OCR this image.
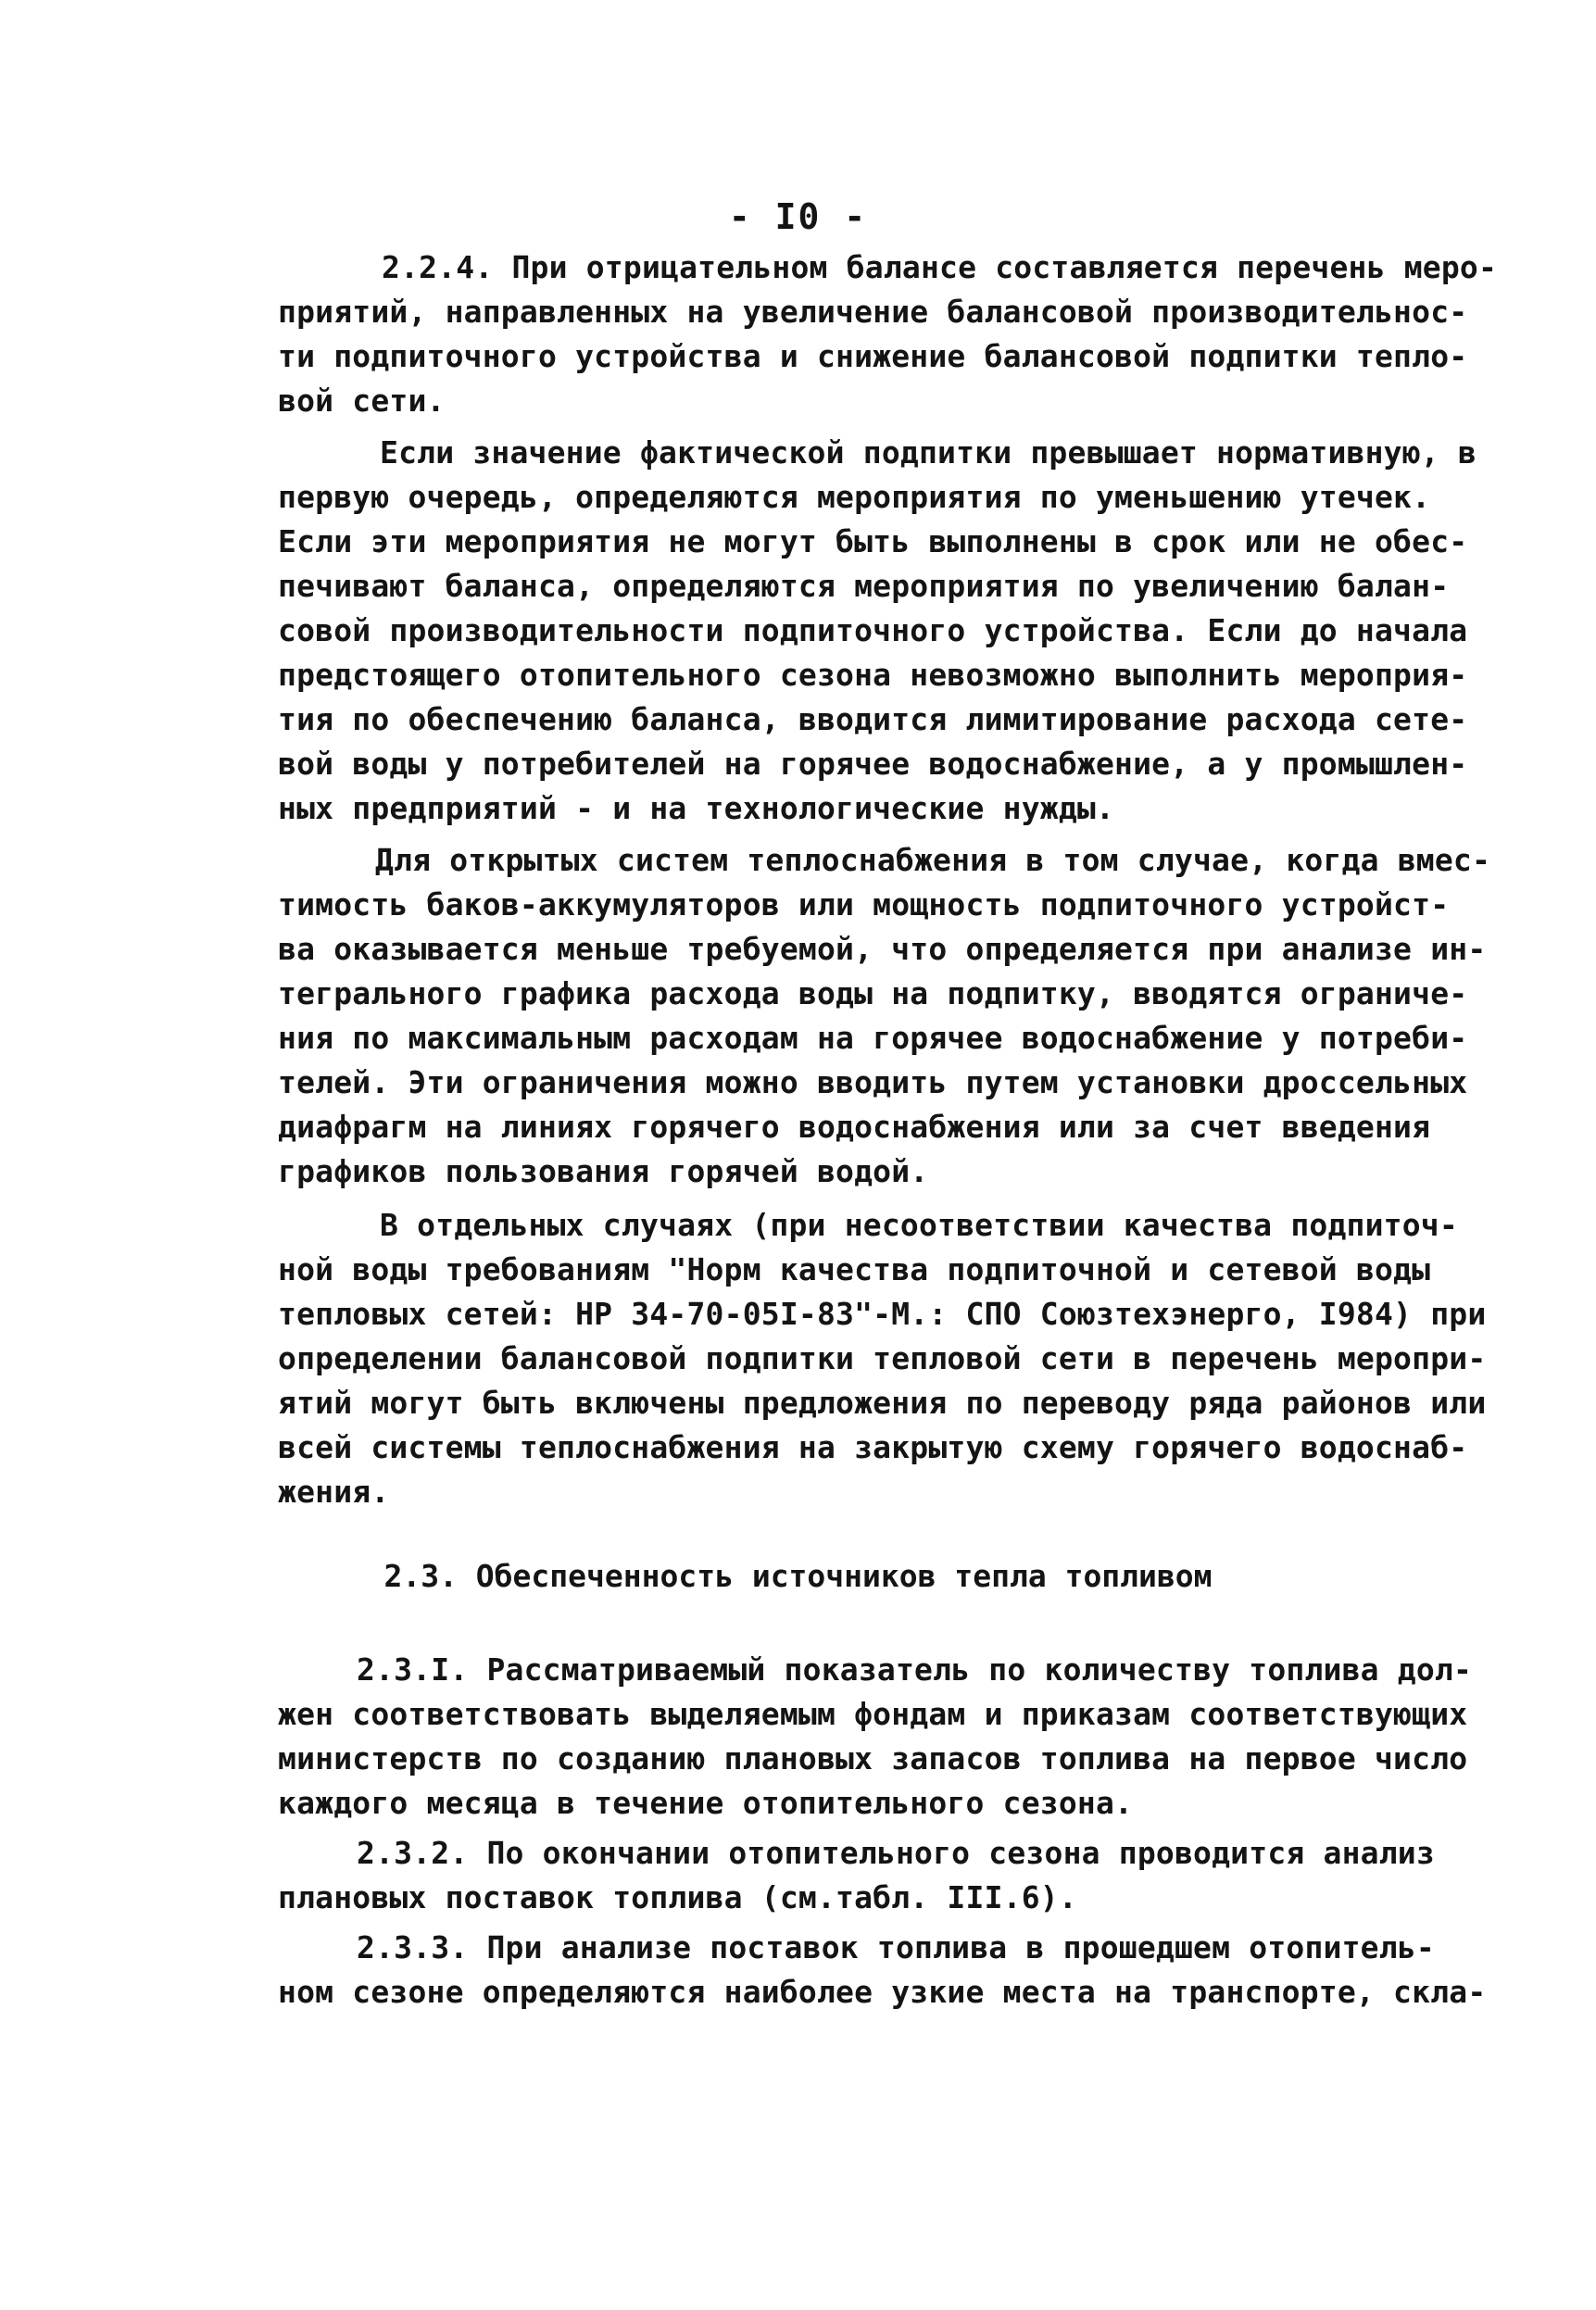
- I0 -
2.2.4. При отрицательном балансе составляется перечень меро-
приятий, направленных на увеличение балансовой производительнос-
ти подпиточного устройства и снижение балансовой подпитки тепло-
вой сети.
Если значение фактической подпитки превышает нормативную, в
первую очередь, определяются мероприятия по уменьшению утечек.
Если эти мероприятия не могут быть выполнены в срок или не обес-
печивают баланса, определяются мероприятия по увеличению балан-
совой производительности подпиточного устройства. Если до начала
предстоящего отопительного сезона невозможно выполнить мероприя-
тия по обеспечению баланса, вводится лимитирование расхода сете-
вой воды у потребителей на горячее водоснабжение, а у промышлен-
ных предприятий - и на технологические нужды.
Для открытых систем теплоснабжения в том случае, когда вмес-
тимость баков-аккумуляторов или мощность подпиточного устройст-
ва оказывается меньше требуемой, что определяется при анализе ин-
тегрального графика расхода воды на подпитку, вводятся ограниче-
ния по максимальным расходам на горячее водоснабжение у потреби-
телей. Эти ограничения можно вводить путем установки дроссельных
диафрагм на линиях горячего водоснабжения или за счет введения
графиков пользования горячей водой.
В отдельных случаях (при несоответствии качества подпиточ-
ной воды требованиям "Норм качества подпиточной и сетевой воды
тепловых сетей: НР 34-70-05I-83"-М.: СПО Союзтехэнерго, I984) при
определении балансовой подпитки тепловой сети в перечень меропри-
ятий могут быть включены предложения по переводу ряда районов или
всей системы теплоснабжения на закрытую схему горячего водоснаб-
жения.
2.3. Обеспеченность источников тепла топливом
2.3.I. Рассматриваемый показатель по количеству топлива дол-
жен соответствовать выделяемым фондам и приказам соответствующих
министерств по созданию плановых запасов топлива на первое число
каждого месяца в течение отопительного сезона.
2.3.2. По окончании отопительного сезона проводится анализ
плановых поставок топлива (см.табл. III.6).
2.3.3. При анализе поставок топлива в прошедшем отопитель-
ном сезоне определяются наиболее узкие места на транспорте, скла-
